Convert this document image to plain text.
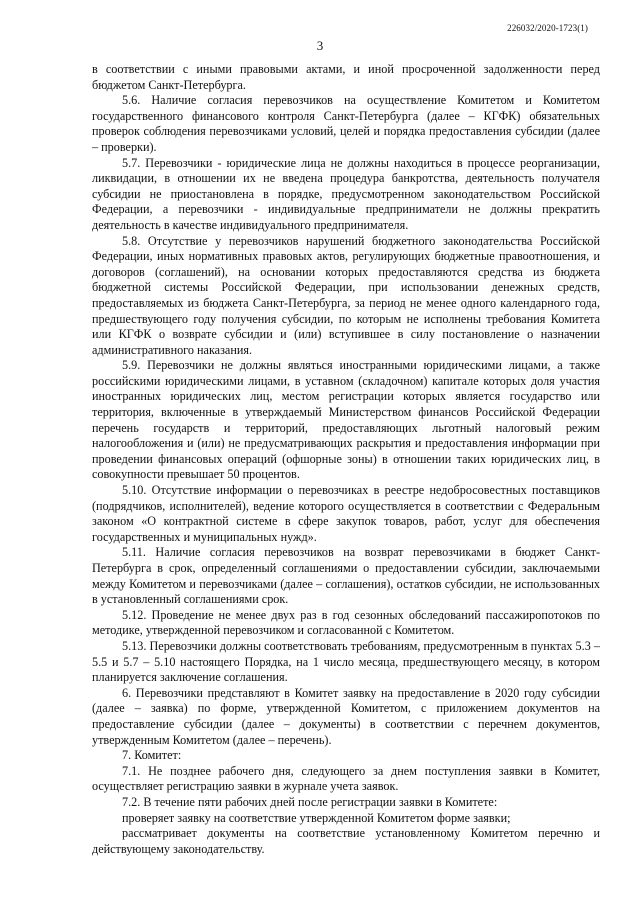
226032/2020-1723(1)
3

в соответствии с иными правовыми актами, и иной просроченной задолженности перед бюджетом Санкт-Петербурга.

5.6. Наличие согласия перевозчиков на осуществление Комитетом и Комитетом государственного финансового контроля Санкт-Петербурга (далее – КГФК) обязательных проверок соблюдения перевозчиками условий, целей и порядка предоставления субсидии (далее – проверки).

5.7. Перевозчики - юридические лица не должны находиться в процессе реорганизации, ликвидации, в отношении их не введена процедура банкротства, деятельность получателя субсидии не приостановлена в порядке, предусмотренном законодательством Российской Федерации, а перевозчики - индивидуальные предприниматели не должны прекратить деятельность в качестве индивидуального предпринимателя.

5.8. Отсутствие у перевозчиков нарушений бюджетного законодательства Российской Федерации, иных нормативных правовых актов, регулирующих бюджетные правоотношения, и договоров (соглашений), на основании которых предоставляются средства из бюджета бюджетной системы Российской Федерации, при использовании денежных средств, предоставляемых из бюджета Санкт-Петербурга, за период не менее одного календарного года, предшествующего году получения субсидии, по которым не исполнены требования Комитета или КГФК о возврате субсидии и (или) вступившее в силу постановление о назначении административного наказания.

5.9. Перевозчики не должны являться иностранными юридическими лицами, а также российскими юридическими лицами, в уставном (складочном) капитале которых доля участия иностранных юридических лиц, местом регистрации которых является государство или территория, включенные в утверждаемый Министерством финансов Российской Федерации перечень государств и территорий, предоставляющих льготный налоговый режим налогообложения и (или) не предусматривающих раскрытия и предоставления информации при проведении финансовых операций (офшорные зоны) в отношении таких юридических лиц, в совокупности превышает 50 процентов.

5.10. Отсутствие информации о перевозчиках в реестре недобросовестных поставщиков (подрядчиков, исполнителей), ведение которого осуществляется в соответствии с Федеральным законом «О контрактной системе в сфере закупок товаров, работ, услуг для обеспечения государственных и муниципальных нужд».

5.11. Наличие согласия перевозчиков на возврат перевозчиками в бюджет Санкт-Петербурга в срок, определенный соглашениями о предоставлении субсидии, заключаемыми между Комитетом и перевозчиками (далее – соглашения), остатков субсидии, не использованных в установленный соглашениями срок.

5.12. Проведение не менее двух раз в год сезонных обследований пассажиропотоков по методике, утвержденной перевозчиком и согласованной с Комитетом.

5.13. Перевозчики должны соответствовать требованиям, предусмотренным в пунктах 5.3 – 5.5 и 5.7 – 5.10 настоящего Порядка, на 1 число месяца, предшествующего месяцу, в котором планируется заключение соглашения.

6. Перевозчики представляют в Комитет заявку на предоставление в 2020 году субсидии (далее – заявка) по форме, утвержденной Комитетом, с приложением документов на предоставление субсидии (далее – документы) в соответствии с перечнем документов, утвержденным Комитетом (далее – перечень).

7. Комитет:

7.1. Не позднее рабочего дня, следующего за днем поступления заявки в Комитет, осуществляет регистрацию заявки в журнале учета заявок.

7.2. В течение пяти рабочих дней после регистрации заявки в Комитете:

проверяет заявку на соответствие утвержденной Комитетом форме заявки;

рассматривает документы на соответствие установленному Комитетом перечню и действующему законодательству.
